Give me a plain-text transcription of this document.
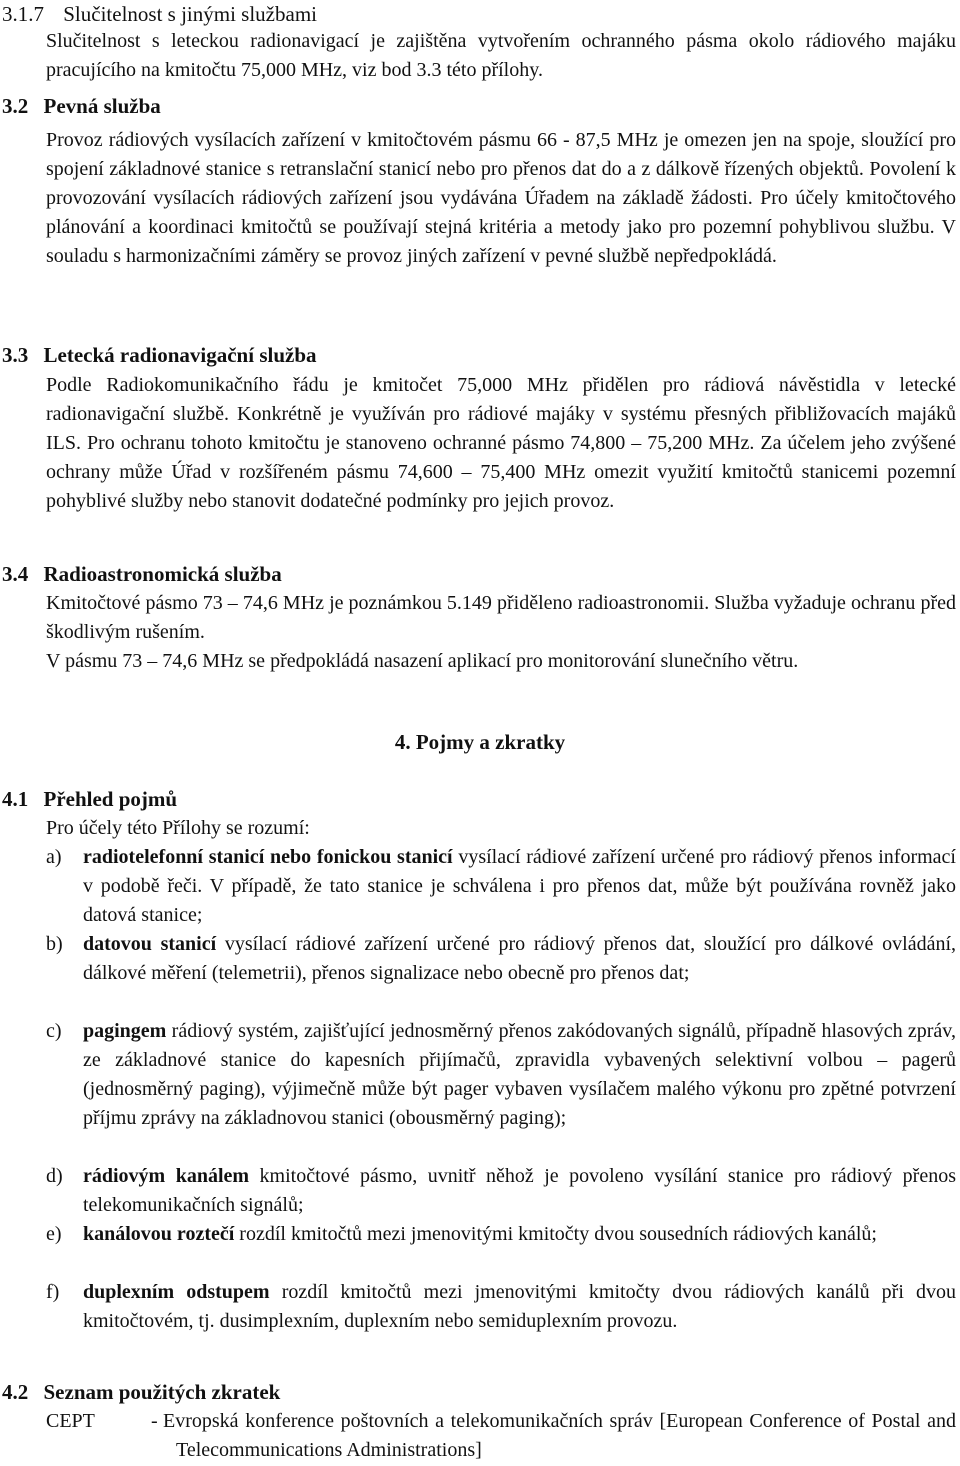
3.1.7 Slučitelnost s jinými službami
Slučitelnost s leteckou radionavigací je zajištěna vytvořením ochranného pásma okolo rádiového majáku pracujícího na kmitočtu 75,000 MHz, viz bod 3.3 této přílohy.
3.2 Pevná služba
Provoz rádiových vysílacích zařízení v kmitočtovém pásmu 66 - 87,5 MHz je omezen jen na spoje, sloužící pro spojení základnové stanice s retranslační stanicí nebo pro přenos dat do a z dálkově řízených objektů. Povolení k provozování vysílacích rádiových zařízení jsou vydávána Úřadem na základě žádosti. Pro účely kmitočtového plánování a koordinaci kmitočtů se používají stejná kritéria a metody jako pro pozemní pohyblivou službu. V souladu s harmonizačními záměry se provoz jiných zařízení v pevné službě nepředpokládá.
3.3 Letecká radionavigační služba
Podle Radiokomunikačního řádu je kmitočet 75,000 MHz přidělen pro rádiová návěstidla v letecké radionavigační službě. Konkrétně je využíván pro rádiové majáky v systému přesných přibližovacích majáků ILS. Pro ochranu tohoto kmitočtu je stanoveno ochranné pásmo 74,800 – 75,200 MHz. Za účelem jeho zvýšené ochrany může Úřad v rozšířeném pásmu 74,600 – 75,400 MHz omezit využití kmitočtů stanicemi pozemní pohyblivé služby nebo stanovit dodatečné podmínky pro jejich provoz.
3.4 Radioastronomická služba
Kmitočtové pásmo 73 – 74,6 MHz je poznámkou 5.149 přiděleno radioastronomii. Služba vyžaduje ochranu před škodlivým rušením.
V pásmu 73 – 74,6 MHz se předpokládá nasazení aplikací pro monitorování slunečního větru.
4. Pojmy a zkratky
4.1 Přehled pojmů
Pro účely této Přílohy se rozumí:
a) radiotelefonní stanicí nebo fonickou stanicí vysílací rádiové zařízení určené pro rádiový přenos informací v podobě řeči. V případě, že tato stanice je schválena i pro přenos dat, může být používána rovněž jako datová stanice;
b) datovou stanicí vysílací rádiové zařízení určené pro rádiový přenos dat, sloužící pro dálkové ovládání, dálkové měření (telemetrii), přenos signalizace nebo obecně pro přenos dat;
c) pagingem rádiový systém, zajišťující jednosměrný přenos zakódovaných signálů, případně hlasových zpráv, ze základnové stanice do kapesních přijímačů, zpravidla vybavených selektivní volbou – pagerů (jednosměrný paging), výjimečně může být pager vybaven vysílačem malého výkonu pro zpětné potvrzení příjmu zprávy na základnovou stanici (obousměrný paging);
d) rádiovým kanálem kmitočtové pásmo, uvnitř něhož je povoleno vysílání stanice pro rádiový přenos telekomunikačních signálů;
e) kanálovou roztečí rozdíl kmitočtů mezi jmenovitými kmitočty dvou sousedních rádiových kanálů;
f) duplexním odstupem rozdíl kmitočtů mezi jmenovitými kmitočty dvou rádiových kanálů při dvou kmitočtovém, tj. dusimplexním, duplexním nebo semiduplexním provozu.
4.2 Seznam použitých zkratek
CEPT	- Evropská konference poštovních a telekomunikačních správ [European Conference of Postal and Telecommunications Administrations]
